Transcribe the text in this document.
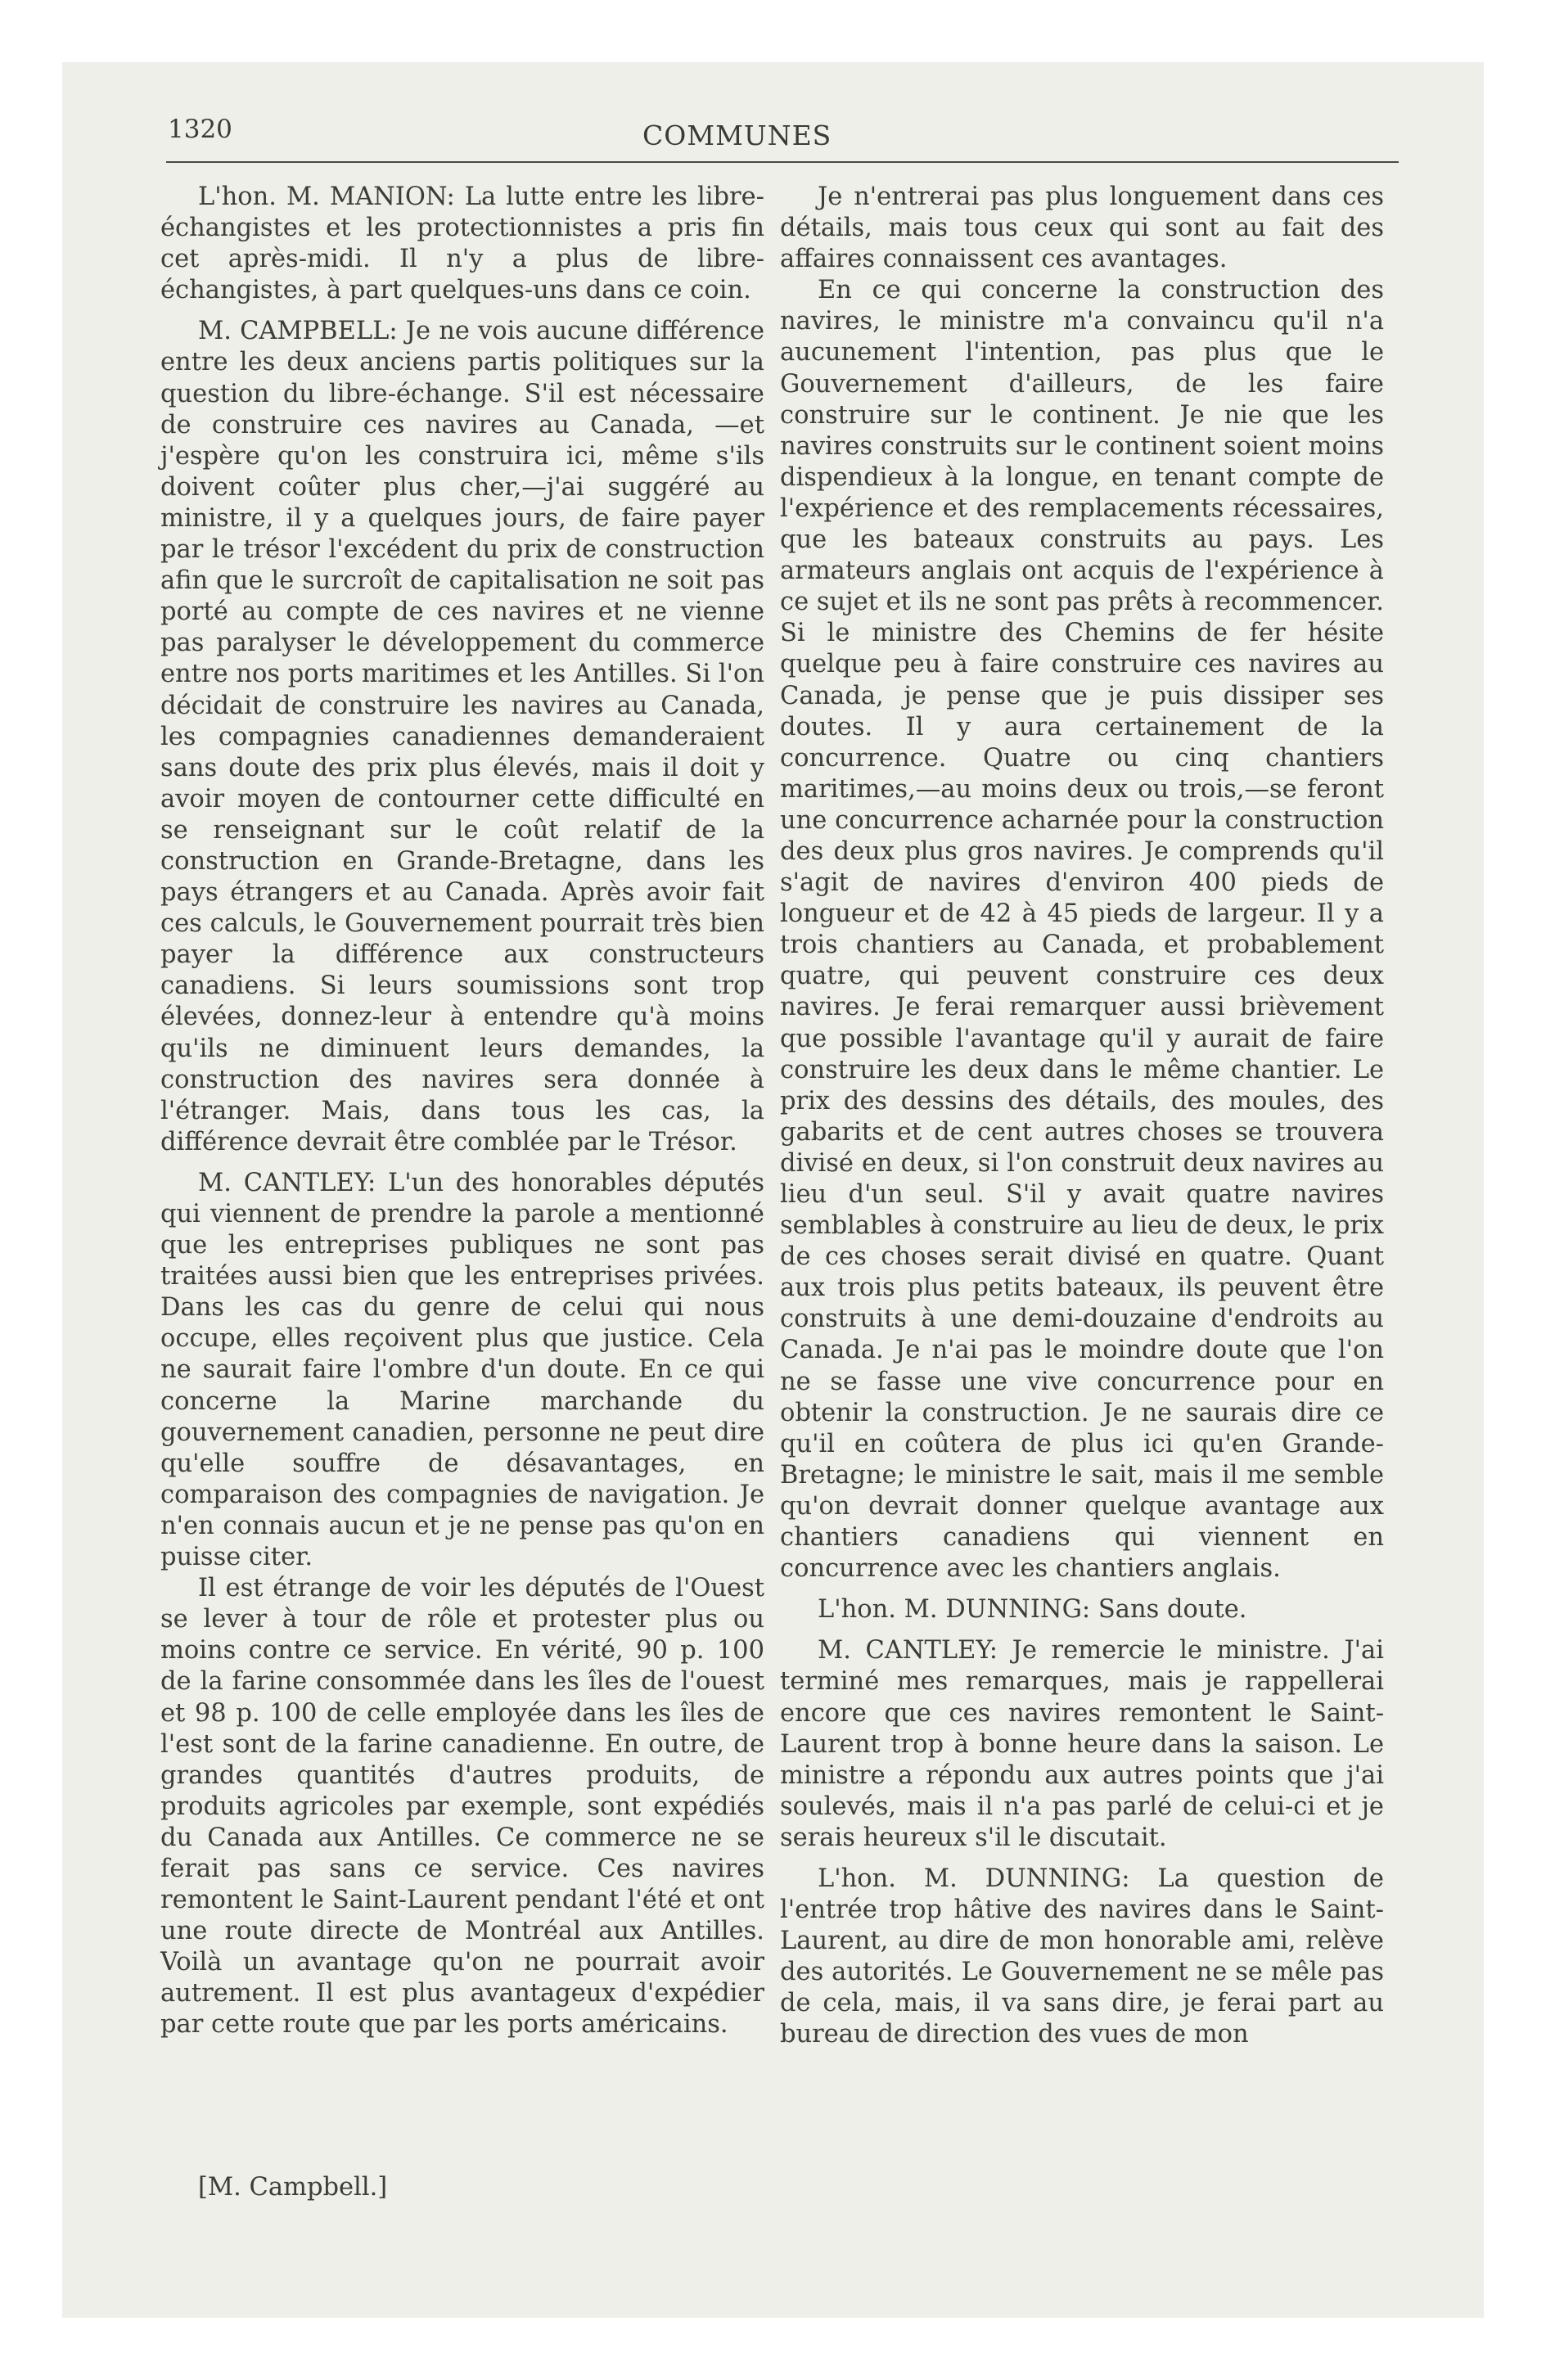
1320	COMMUNES

L'hon. M. MANION: La lutte entre les libre-échangistes et les protectionnistes a pris fin cet après-midi. Il n'y a plus de libre-échangistes, à part quelques-uns dans ce coin.

M. CAMPBELL: Je ne vois aucune différence entre les deux anciens partis politiques sur la question du libre-échange. S'il est nécessaire de construire ces navires au Canada, —et j'espère qu'on les construira ici, même s'ils doivent coûter plus cher,—j'ai suggéré au ministre, il y a quelques jours, de faire payer par le trésor l'excédent du prix de construction afin que le surcroît de capitalisation ne soit pas porté au compte de ces navires et ne vienne pas paralyser le développement du commerce entre nos ports maritimes et les Antilles. Si l'on décidait de construire les navires au Canada, les compagnies canadiennes demanderaient sans doute des prix plus élevés, mais il doit y avoir moyen de contourner cette difficulté en se renseignant sur le coût relatif de la construction en Grande-Bretagne, dans les pays étrangers et au Canada. Après avoir fait ces calculs, le Gouvernement pourrait très bien payer la différence aux constructeurs canadiens. Si leurs soumissions sont trop élevées, donnez-leur à entendre qu'à moins qu'ils ne diminuent leurs demandes, la construction des navires sera donnée à l'étranger. Mais, dans tous les cas, la différence devrait être comblée par le Trésor.

M. CANTLEY: L'un des honorables députés qui viennent de prendre la parole a mentionné que les entreprises publiques ne sont pas traitées aussi bien que les entreprises privées. Dans les cas du genre de celui qui nous occupe, elles reçoivent plus que justice. Cela ne saurait faire l'ombre d'un doute. En ce qui concerne la Marine marchande du gouvernement canadien, personne ne peut dire qu'elle souffre de désavantages, en comparaison des compagnies de navigation. Je n'en connais aucun et je ne pense pas qu'on en puisse citer.

Il est étrange de voir les députés de l'Ouest se lever à tour de rôle et protester plus ou moins contre ce service. En vérité, 90 p. 100 de la farine consommée dans les îles de l'ouest et 98 p. 100 de celle employée dans les îles de l'est sont de la farine canadienne. En outre, de grandes quantités d'autres produits, de produits agricoles par exemple, sont expédiés du Canada aux Antilles. Ce commerce ne se ferait pas sans ce service. Ces navires remontent le Saint-Laurent pendant l'été et ont une route directe de Montréal aux Antilles. Voilà un avantage qu'on ne pourrait avoir autrement. Il est plus avantageux d'expédier par cette route que par les ports américains.

[M. Campbell.]

Je n'entrerai pas plus longuement dans ces détails, mais tous ceux qui sont au fait des affaires connaissent ces avantages.

En ce qui concerne la construction des navires, le ministre m'a convaincu qu'il n'a aucunement l'intention, pas plus que le Gouvernement d'ailleurs, de les faire construire sur le continent. Je nie que les navires construits sur le continent soient moins dispendieux à la longue, en tenant compte de l'expérience et des remplacements récessaires, que les bateaux construits au pays. Les armateurs anglais ont acquis de l'expérience à ce sujet et ils ne sont pas prêts à recommencer. Si le ministre des Chemins de fer hésite quelque peu à faire construire ces navires au Canada, je pense que je puis dissiper ses doutes. Il y aura certainement de la concurrence. Quatre ou cinq chantiers maritimes,—au moins deux ou trois,—se feront une concurrence acharnée pour la construction des deux plus gros navires. Je comprends qu'il s'agit de navires d'environ 400 pieds de longueur et de 42 à 45 pieds de largeur. Il y a trois chantiers au Canada, et probablement quatre, qui peuvent construire ces deux navires. Je ferai remarquer aussi brièvement que possible l'avantage qu'il y aurait de faire construire les deux dans le même chantier. Le prix des dessins des détails, des moules, des gabarits et de cent autres choses se trouvera divisé en deux, si l'on construit deux navires au lieu d'un seul. S'il y avait quatre navires semblables à construire au lieu de deux, le prix de ces choses serait divisé en quatre. Quant aux trois plus petits bateaux, ils peuvent être construits à une demi-douzaine d'endroits au Canada. Je n'ai pas le moindre doute que l'on ne se fasse une vive concurrence pour en obtenir la construction. Je ne saurais dire ce qu'il en coûtera de plus ici qu'en Grande-Bretagne; le ministre le sait, mais il me semble qu'on devrait donner quelque avantage aux chantiers canadiens qui viennent en concurrence avec les chantiers anglais.

L'hon. M. DUNNING: Sans doute.

M. CANTLEY: Je remercie le ministre. J'ai terminé mes remarques, mais je rappellerai encore que ces navires remontent le Saint-Laurent trop à bonne heure dans la saison. Le ministre a répondu aux autres points que j'ai soulevés, mais il n'a pas parlé de celui-ci et je serais heureux s'il le discutait.

L'hon. M. DUNNING: La question de l'entrée trop hâtive des navires dans le Saint-Laurent, au dire de mon honorable ami, relève des autorités. Le Gouvernement ne se mêle pas de cela, mais, il va sans dire, je ferai part au bureau de direction des vues de mon
